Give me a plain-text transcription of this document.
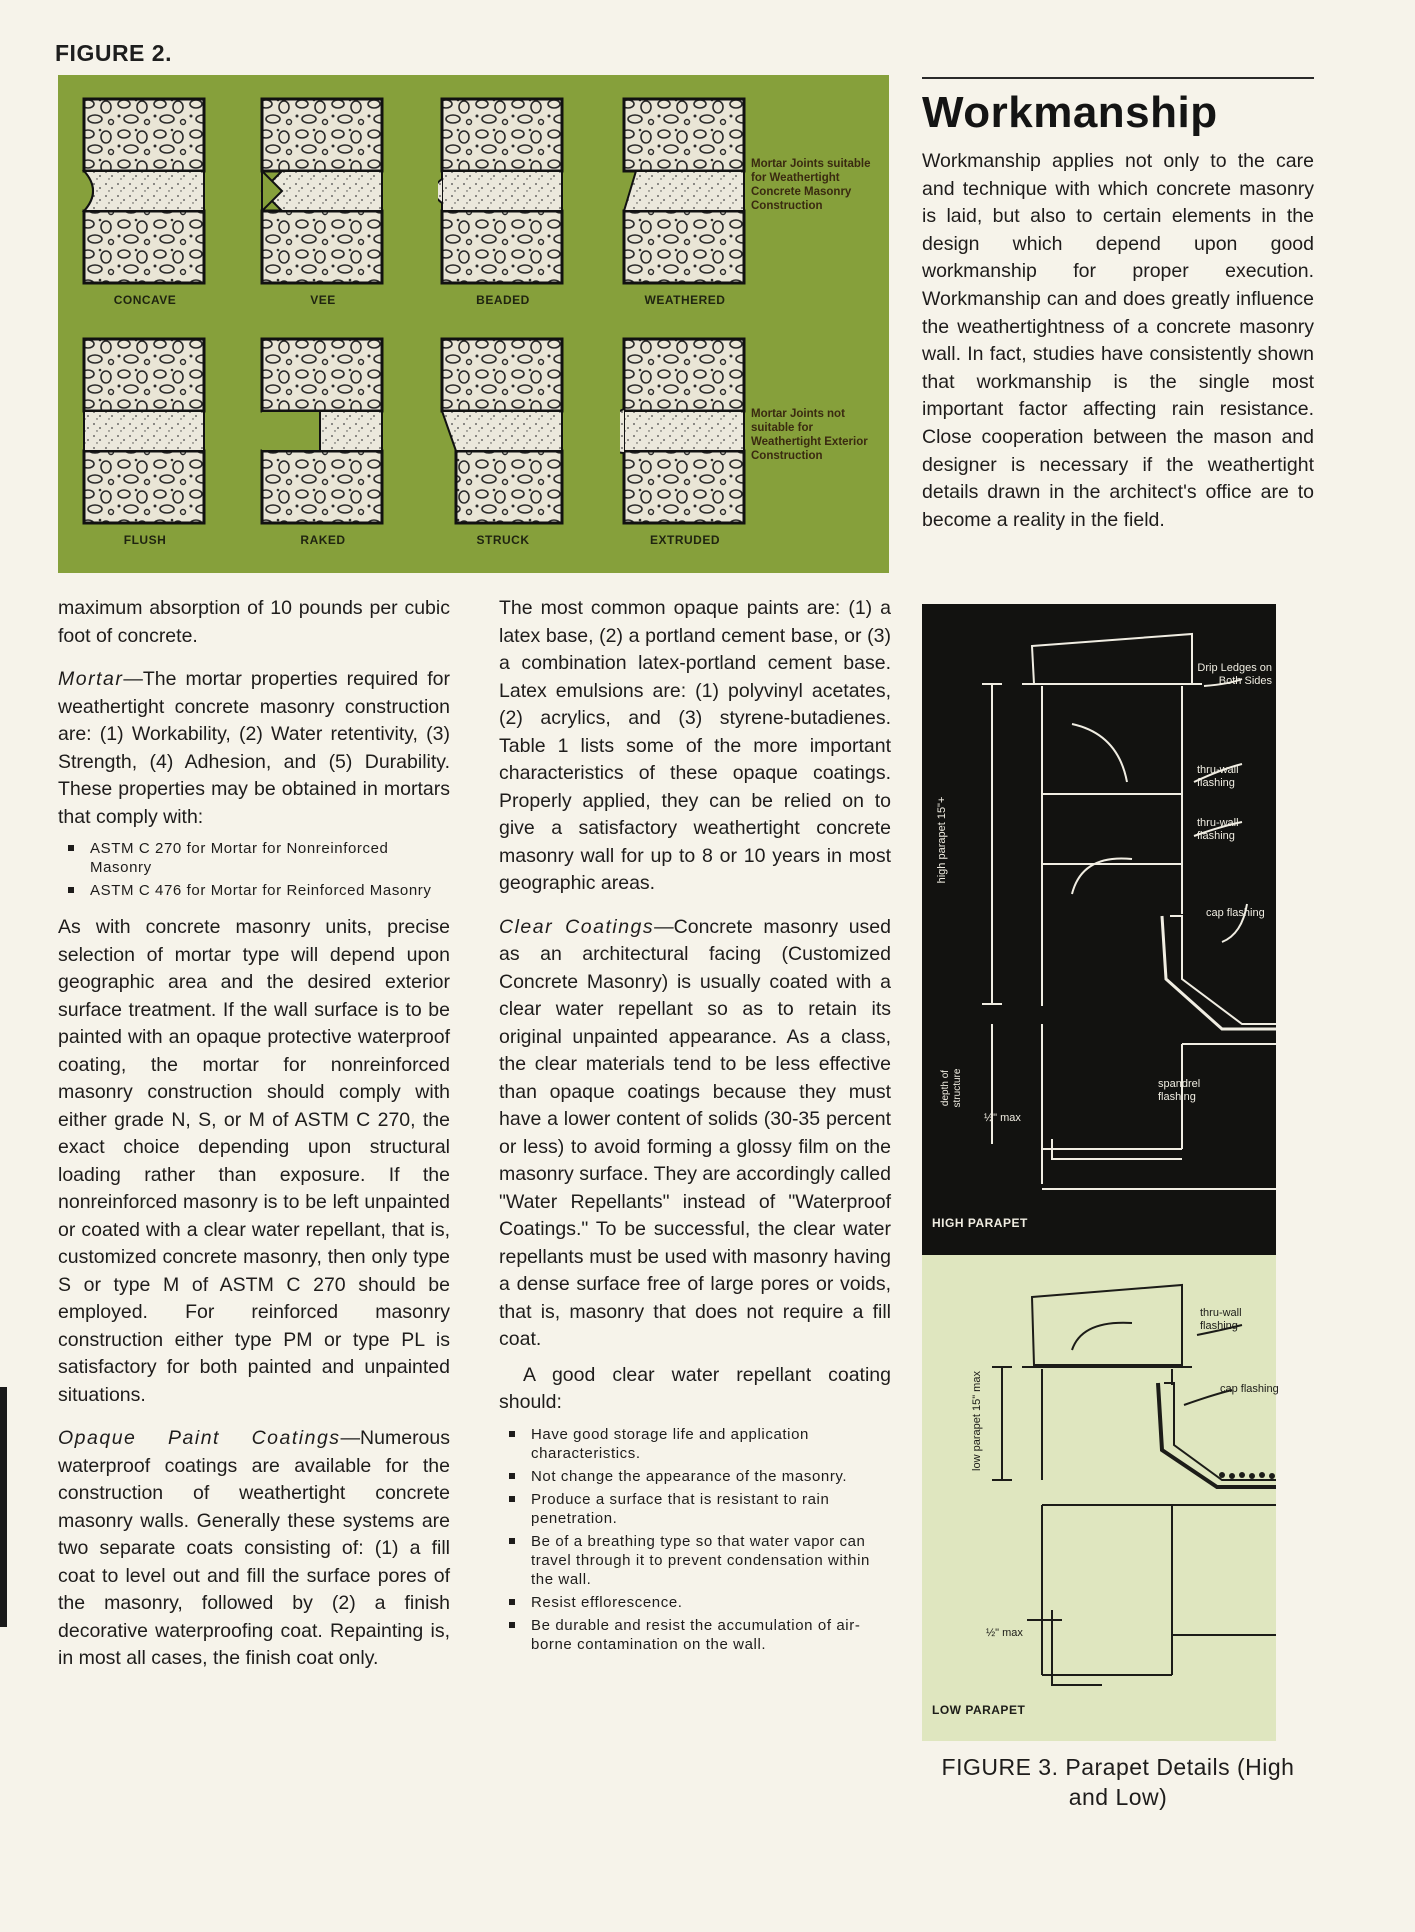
FIGURE 2.
CONCAVE	VEE	BEADED	WEATHERED
Mortar Joints suitable for Weathertight Concrete Masonry Construction
FLUSH	RAKED	STRUCK	EXTRUDED
Mortar Joints not suitable for Weathertight Exterior Construction
Workmanship

Workmanship applies not only to the care and technique with which concrete masonry is laid, but also to certain elements in the design which depend upon good workmanship for proper execution. Workmanship can and does greatly influence the weathertightness of a concrete masonry wall. In fact, studies have consistently shown that workmanship is the single most important factor affecting rain resistance. Close cooperation between the mason and designer is necessary if the weathertight details drawn in the architect's office are to become a reality in the field.

Drip Ledges on Both Sides
thru-wall flashing
thru-wall flashing
cap flashing
spandrel flashing
high parapet 15"+
depth of structure
½" max
HIGH PARAPET
thru-wall flashing
cap flashing
low parapet 15" max
½" max
LOW PARAPET
FIGURE 3. Parapet Details (High and Low)

maximum absorption of 10 pounds per cubic foot of concrete.

Mortar—The mortar properties required for weathertight concrete masonry construction are: (1) Workability, (2) Water retentivity, (3) Strength, (4) Adhesion, and (5) Durability. These properties may be obtained in mortars that comply with:

ASTM C 270 for Mortar for Nonreinforced Masonry
ASTM C 476 for Mortar for Reinforced Masonry

As with concrete masonry units, precise selection of mortar type will depend upon geographic area and the desired exterior surface treatment. If the wall surface is to be painted with an opaque protective waterproof coating, the mortar for nonreinforced masonry construction should comply with either grade N, S, or M of ASTM C 270, the exact choice depending upon structural loading rather than exposure. If the nonreinforced masonry is to be left unpainted or coated with a clear water repellant, that is, customized concrete masonry, then only type S or type M of ASTM C 270 should be employed. For reinforced masonry construction either type PM or type PL is satisfactory for both painted and unpainted situations.

Opaque Paint Coatings—Numerous waterproof coatings are available for the construction of weathertight concrete masonry walls. Generally these systems are two separate coats consisting of: (1) a fill coat to level out and fill the surface pores of the masonry, followed by (2) a finish decorative waterproofing coat. Repainting is, in most all cases, the finish coat only.

The most common opaque paints are: (1) a latex base, (2) a portland cement base, or (3) a combination latex-portland cement base. Latex emulsions are: (1) polyvinyl acetates, (2) acrylics, and (3) styrene-butadienes. Table 1 lists some of the more important characteristics of these opaque coatings. Properly applied, they can be relied on to give a satisfactory weathertight concrete masonry wall for up to 8 or 10 years in most geographic areas.

Clear Coatings—Concrete masonry used as an architectural facing (Customized Concrete Masonry) is usually coated with a clear water repellant so as to retain its original unpainted appearance. As a class, the clear materials tend to be less effective than opaque coatings because they must have a lower content of solids (30-35 percent or less) to avoid forming a glossy film on the masonry surface. They are accordingly called "Water Repellants" instead of "Waterproof Coatings." To be successful, the clear water repellants must be used with masonry having a dense surface free of large pores or voids, that is, masonry that does not require a fill coat.

A good clear water repellant coating should:

Have good storage life and application characteristics.
Not change the appearance of the masonry.
Produce a surface that is resistant to rain penetration.
Be of a breathing type so that water vapor can travel through it to prevent condensation within the wall.
Resist efflorescence.
Be durable and resist the accumulation of air-borne contamination on the wall.
